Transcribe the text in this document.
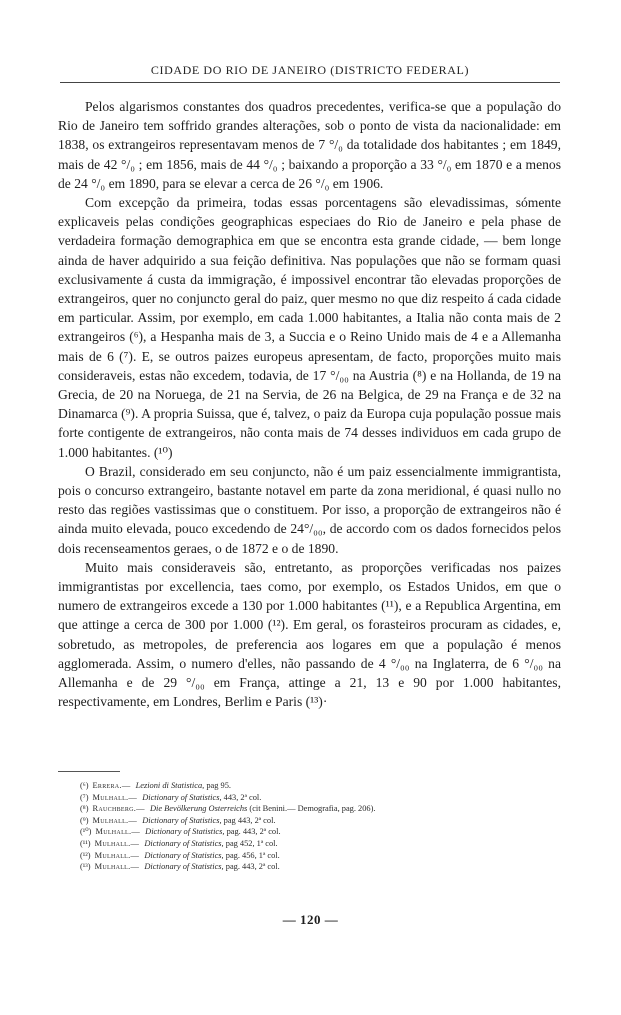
CIDADE DO RIO DE JANEIRO (DISTRICTO FEDERAL)

Pelos algarismos constantes dos quadros precedentes, verifica-se que a população do Rio de Janeiro tem soffrido grandes alterações, sob o ponto de vista da nacionalidade: em 1838, os extrangeiros representavam menos de 7 °/₀ da totalidade dos habitantes ; em 1849, mais de 42 °/₀ ; em 1856, mais de 44 °/₀ ; baixando a proporção a 33 °/₀ em 1870 e a menos de 24 °/₀ em 1890, para se elevar a cerca de 26 °/₀ em 1906.

Com excepção da primeira, todas essas porcentagens são elevadissimas, sómente explicaveis pelas condições geographicas especiaes do Rio de Janeiro e pela phase de verdadeira formação demographica em que se encontra esta grande cidade, — bem longe ainda de haver adquirido a sua feição definitiva. Nas populações que não se formam quasi exclusivamente á custa da immigração, é impossivel encontrar tão elevadas proporções de extrangeiros, quer no conjuncto geral do paiz, quer mesmo no que diz respeito á cada cidade em particular. Assim, por exemplo, em cada 1.000 habitantes, a Italia não conta mais de 2 extrangeiros (⁶), a Hespanha mais de 3, a Succia e o Reino Unido mais de 4 e a Allemanha mais de 6 (⁷). E, se outros paizes europeus apresentam, de facto, proporções muito mais consideraveis, estas não excedem, todavia, de 17 °/₀₀ na Austria (⁸) e na Hollanda, de 19 na Grecia, de 20 na Noruega, de 21 na Servia, de 26 na Belgica, de 29 na França e de 32 na Dinamarca (⁹). A propria Suissa, que é, talvez, o paiz da Europa cuja população possue mais forte contigente de extrangeiros, não conta mais de 74 desses individuos em cada grupo de 1.000 habitantes. (¹⁰)

O Brazil, considerado em seu conjuncto, não é um paiz essencialmente immigrantista, pois o concurso extrangeiro, bastante notavel em parte da zona meridional, é quasi nullo no resto das regiões vastissimas que o constituem. Por isso, a proporção de extrangeiros não é ainda muito elevada, pouco excedendo de 24°/₀₀, de accordo com os dados fornecidos pelos dois recenseamentos geraes, o de 1872 e o de 1890.

Muito mais consideraveis são, entretanto, as proporções verificadas nos paizes immigrantistas por excellencia, taes como, por exemplo, os Estados Unidos, em que o numero de extrangeiros excede a 130 por 1.000 habitantes (¹¹), e a Republica Argentina, em que attinge a cerca de 300 por 1.000 (¹²). Em geral, os forasteiros procuram as cidades, e, sobretudo, as metropoles, de preferencia aos logares em que a população é menos agglomerada. Assim, o numero d'elles, não passando de 4 °/₀₀ na Inglaterra, de 6 °/₀₀ na Allemanha e de 29 °/₀₀ em França, attinge a 21, 13 e 90 por 1.000 habitantes, respectivamente, em Londres, Berlim e Paris (¹³)·

(⁶) Errera.— Lezioni di Statistica, pag 95.
(⁷) Mulhall.— Dictionary of Statistics, 443, 2ª col.
(⁸) Rauchberg.— Die Bevölkerung Osterreichs (cit Benini.— Demografia, pag. 206).
(⁹) Mulhall.— Dictionary of Statistics, pag 443, 2ª col.
(¹⁰) Mulhall.— Dictionary of Statistics, pag. 443, 2ª col.
(¹¹) Mulhall.— Dictionary of Statistics, pag 452, 1ª col.
(¹²) Mulhall.— Dictionary of Statistics, pag. 456, 1ª col.
(¹³) Mulhall.— Dictionary of Statistics, pag. 443, 2ª col.
— 120 —
